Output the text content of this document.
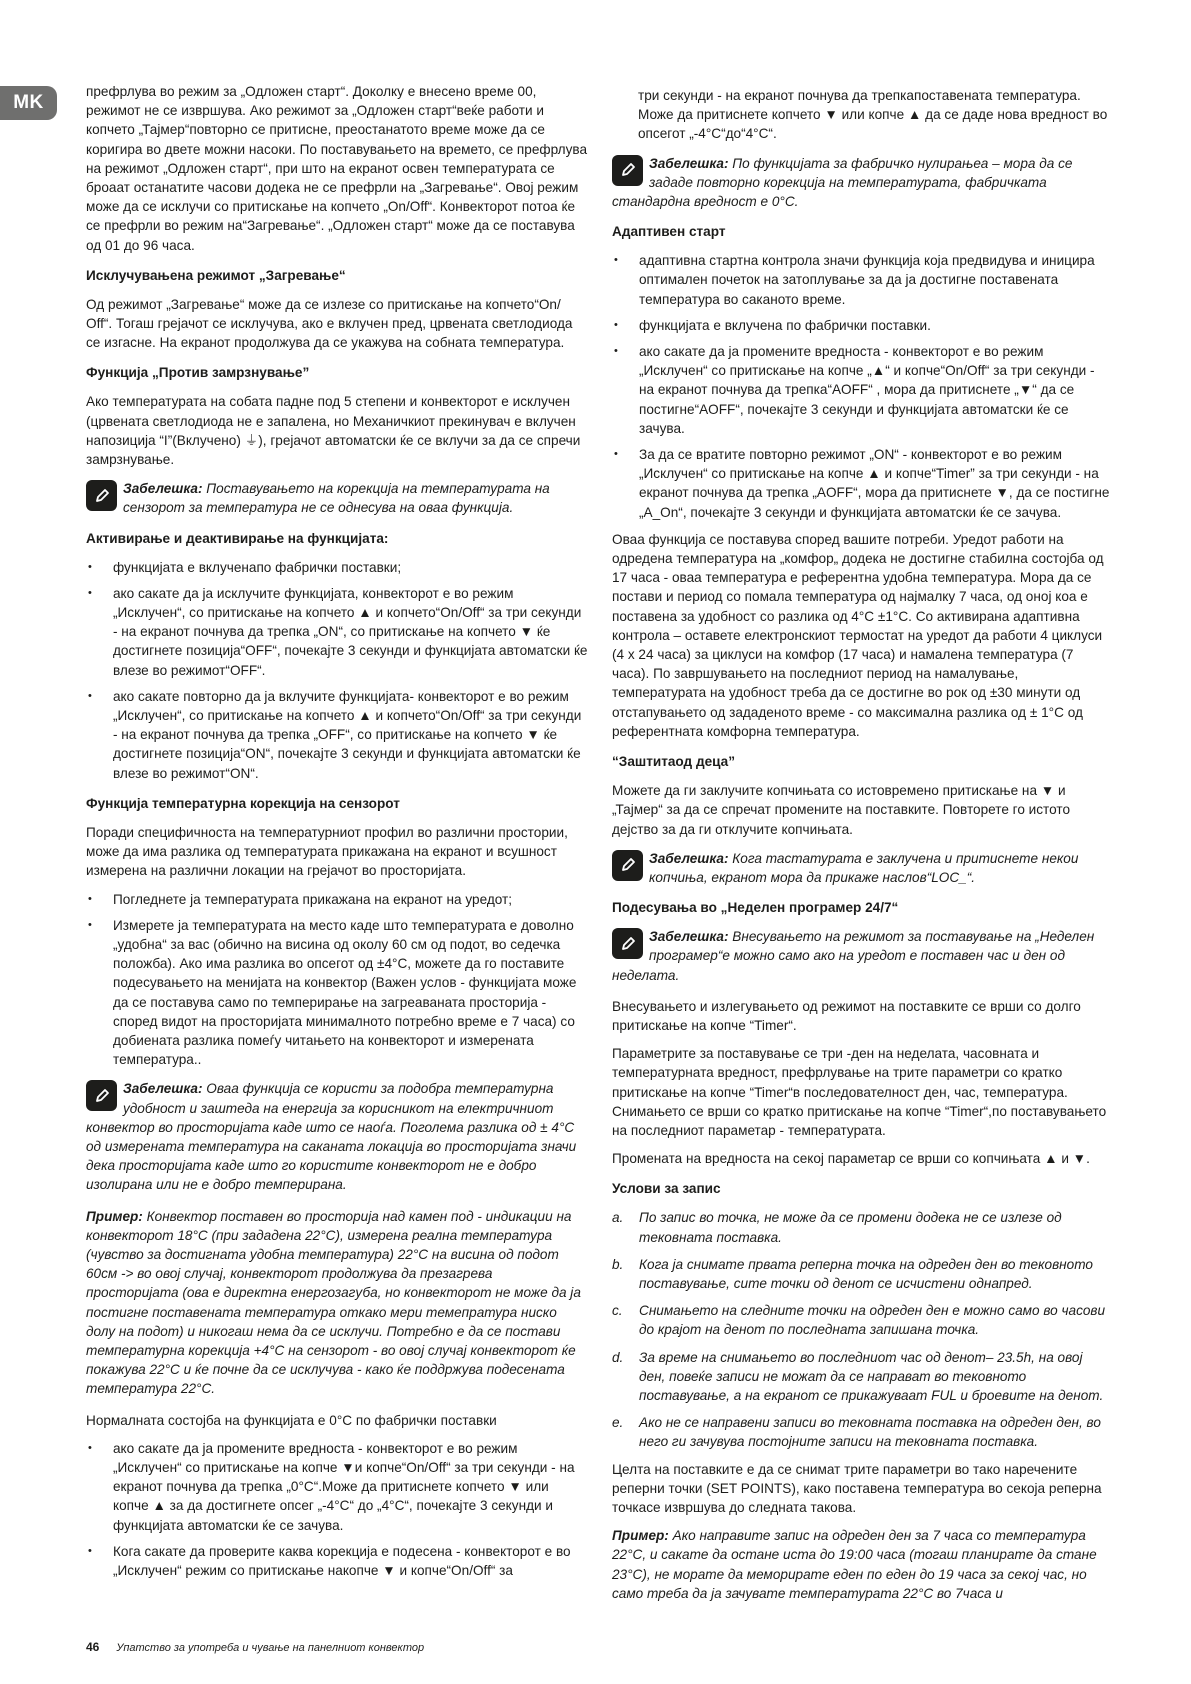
MK

префрлува во режим за „Одложен старт“. Доколку е внесено време 00, режимот не се извршува. Ако режимот за „Одложен старт“веќе работи и копчето „Тајмер“повторно се притисне, преостанатото време може да се коригира во двете можни насоки. По поставувањето на времето, се префрлува на режимот „Одложен старт“, при што на екранот освен температурата се броаат останатите часови додека не се префрли на „Загревање“. Овој режим може да се исклучи со притискање на копчето „On/Off“. Конвекторот потоа ќе се префрли во режим на“Загревање“. „Одложен старт“ може да се поставува од 01 до 96 часа.

Исклучувањена режимот „Загревање“

Од режимот „Загревање“ може да се излезе со притискање на копчето“On/ Off“. Тогаш грејачот се исклучува, ако е вклучен пред, црвената светлодиода се изгасне. На екранот продолжува да се укажува на собната температура.

Функција „Против замрзнување”

Ако температурата на собата падне под 5 степени и конвекторот е исклучен (црвената светлодиода не е запалена, но Механичкиот прекинувач е вклучен напозиција “I”(Вклучено) ⏚), грејачот автоматски ќе се вклучи за да се спречи замрзнување.

Забелешка: Поставувањето на корекција на температурата на сензорот за температура не се однесува на оваа функција.
Активирање и деактивирање на функцијата:
• функцијата е вклученапо фабрички поставки;
• ако сакате да ја исклучите функцијата, конвекторот е во режим „Исклучен“, со притискање на копчето ▲ и копчето“On/Off“ за три секунди - на екранот почнува да трепка „ON“, со притискање на копчето ▼ ќе достигнете позиција“OFF“, почекајте 3 секунди и функцијата автоматски ќе влезе во режимот“OFF“.
• ако сакате повторно да ја вклучите функцијата- конвекторот е во режим „Исклучен“, со притискање на копчето ▲ и копчето“On/Off“ за три секунди - на екранот почнува да трепка „OFF“, со притискање на копчето ▼ ќе достигнете позиција“ON“, почекајте 3 секунди и функцијата автоматски ќе влезе во режимот“ON“.
Функција температурна корекција на сензорот

Поради специфичноста на температурниот профил во различни простории, може да има разлика од температурата прикажана на екранот и всушност измерена на различни локации на грејачот во просторијата.

• Погледнете ја температурата прикажана на екранот на уредот;
• Измерете ја температурата на место каде што температурата е доволно „удобна“ за вас (обично на висина од околу 60 см од подот, во седечка положба). Ако има разлика во опсегот од ±4°C, можете да го поставите подесувањето на менијата на конвектор (Важен услов - функцијата може да се поставува само по темперирање на загреаваната просторија - според видот на просторијата минималното потребно време е 7 часа) со добиената разлика помеѓу читањето на конвекторот и измерената температура..
Забелешка: Оваа функција се користи за подобра температурна удобност и заштеда на енергија за корисникот на електричниот конвектор во просторијата каде што се наоѓа. Поголема разлика од ± 4°C од измерената температура на саканата локација во просторијата значи дека просторијата каде што го користите конвекторот не е добро изолирана или не е добро темперирана.
Пример: Конвектор поставен во просторија над камен под - индикации на конвекторот 18°C (при зададена 22°C), измерена реална температура (чувство за достигната удобна температура) 22°C на висина од подот 60см -> во овој случај, конвекторот продолжува да презагрева просторијата (ова е директна енергозагуба, но конвекторот не може да ја постигне поставената температура откако мери темепратура ниско долу на подот) и никогаш нема да се исклучи. Потребно е да се постави температурна корекција +4°C на сензорот - во овој случај конвекторот ќе покажува 22°C и ќе почне да се исклучува - како ќе поддржува подесената температура 22°C.

Нормалната состојба на функцијата е 0°C по фабрички поставки

• ако сакате да ја промените вредноста - конвекторот е во режим „Исклучен“ со притискање на копче ▼и копче“On/Off“ за три секунди - на екранот почнува да трепка „0°C“.Може да притиснете копчето ▼ или копче ▲ за да достигнете опсег „-4°C“ до „4°C“, почекајте 3 секунди и функцијата автоматски ќе се зачува.
• Кога сакате да проверите каква корекција е подесена - конвекторот е во „Исклучен“ режим со притискање накопче ▼ и копче“On/Off“ за
три секунди - на екранот почнува да трепкапоставената температура. Може да притиснете копчето ▼ или копче ▲ да се даде нова вредност во опсегот „-4°C“до“4°C“.
Забелешка: По функцијата за фабричко нулирањеа – мора да се зададе повторно корекција на температурата, фабричката стандардна вредност е 0°C.
Адаптивен старт
• адаптивна стартна контрола значи функција која предвидува и иницира оптимален почеток на затоплување за да ја достигне поставената температура во саканото време.
• функцијата е вклучена по фабрички поставки.
• ако сакате да ја промените вредноста - конвекторот е во режим „Исклучен“ со притискање на копче „▲“ и копче“On/Off“ за три секунди - на екранот почнува да трепка“AOFF“ , мора да притиснете „▼“ да се постигне“AOFF“, почекајте 3 секунди и функцијата автоматски ќе се зачува.
• За да се вратите повторно режимот „ON“ - конвекторот е во режим „Исклучен“ со притискање на копче ▲ и копче“Timer” за три секунди - на екранот почнува да трепка „AOFF“, мора да притиснете ▼, да се постигне „A_On“, почекајте 3 секунди и функцијата автоматски ќе се зачува.

Оваа функција се поставува според вашите потреби. Уредот работи на одредена температура на „комфор„ додека не достигне стабилна состојба од 17 часа - оваа температура е референтна удобна температура. Мора да се постави и период со помала температура од најмалку 7 часа, од оној коа е поставена за удобност со разлика од 4°C ±1°C. Со активирана адаптивна контрола – оставете електронскиот термостат на уредот да работи 4 циклуси (4 x 24 часа) за циклуси на комфор (17 часа) и намалена температура (7 часа). По завршувањето на последниот период на намалување, температурата на удобност треба да се достигне во рок од ±30 минути од отстапувањето од зададеното време - со максимална разлика од ± 1°C од референтната комфорна температура.

“Заштитаод деца”

Можете да ги заклучите копчињата со истовремено притискање на ▼ и „Тајмер“ за да се спречат промените на поставките. Повторете го истото дејство за да ги отклучите копчињата.

Забелешка: Кога тастатурата е заклучена и притиснете некои копчиња, екранот мора да прикаже наслов“LOC_“.
Подесувања во „Неделен програмер 24/7“
Забелешка: Внесувањето на режимот за поставување на „Неделен програмер“е можно само ако на уредот е поставен час и ден од неделата.

Внесувањето и излегувањето од режимот на поставките се врши со долго притискање на копче “Timer“.

Параметрите за поставување се три -ден на неделата, часовната и температурната вредност, префрлување на трите параметри со кратко притискање на копче “Timer“в последователност ден, час, температура. Снимањето се врши со кратко притискање на копче “Timer“,по поставувањето на последниот параметар - температурата.

Промената на вредноста на секој параметар се врши со копчињата ▲ и ▼.

Услови за запис
a. По запис во точка, не може да се промени додека не се излезе од тековната поставка.
b. Кога ја снимате првата реперна точка на одреден ден во тековното поставување, сите точки од денот се исчистени однапред.
c. Снимањето на следните точки на одреден ден е можно само во часови до крајот на денот по последната запишана точка.
d. За време на снимањето во последниот час од денот– 23.5h, на овој ден, повеќе записи не можат да се направат во тековното поставување, а на екранот се прикажуваат FUL и броевите на денот.
e. Ако не се направени записи во тековната поставка на одреден ден, во него ги зачувува постојните записи на тековната поставка.

Целта на поставките е да се снимат трите параметри во тако наречените реперни точки (SET POINTS), како поставена температура во секоја реперна точкасе извршува до следната такова.

Пример: Ако направите запис на одреден ден за 7 часа со температура 22°C, и сакате да остане иста до 19:00 часа (тогаш планирате да стане 23°C), не морате да меморирате еден по еден до 19 часа за секој час, но само треба да ја зачувате температурата 22°C во 7часа и
46 Упатство за употреба и чување на панелниот конвектор
